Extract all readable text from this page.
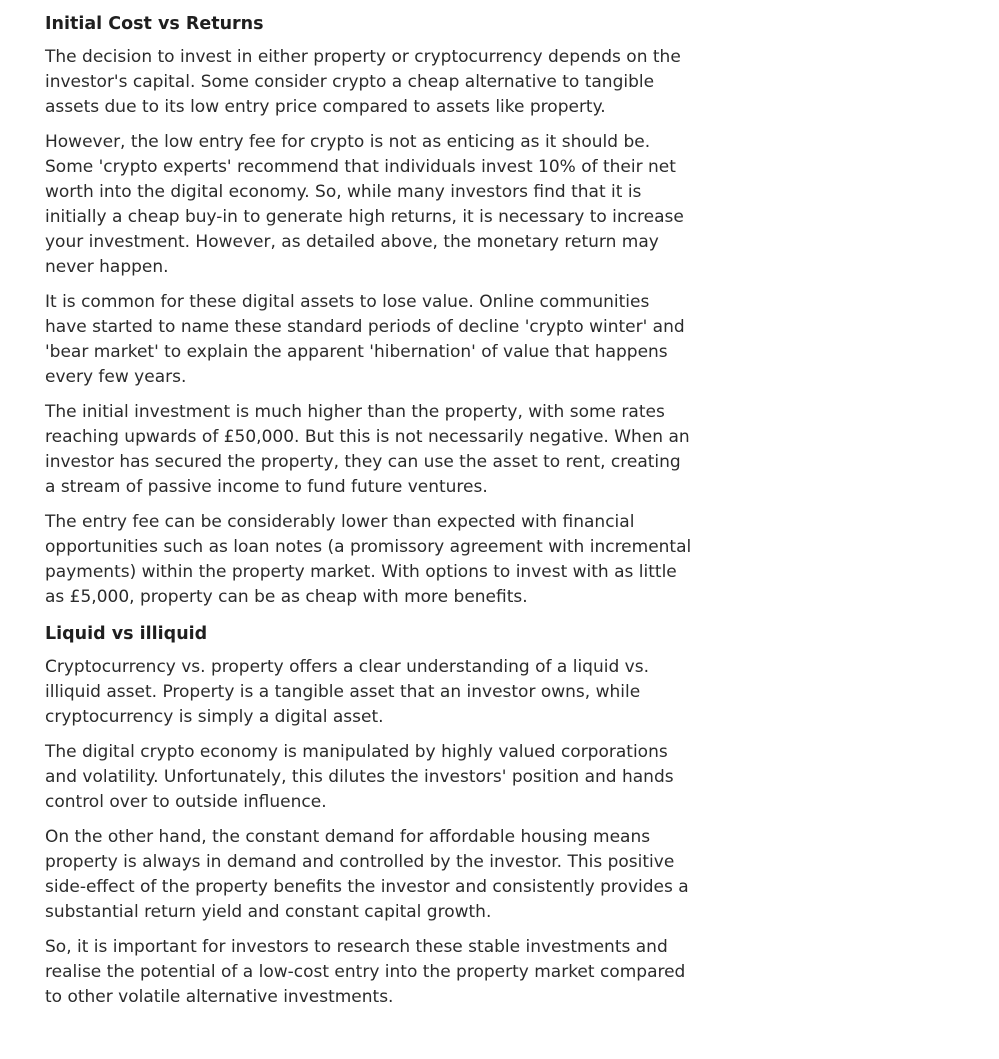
Initial Cost vs Returns

The decision to invest in either property or cryptocurrency depends on the investor's capital. Some consider crypto a cheap alternative to tangible assets due to its low entry price compared to assets like property.

However, the low entry fee for crypto is not as enticing as it should be. Some 'crypto experts' recommend that individuals invest 10% of their net worth into the digital economy. So, while many investors find that it is initially a cheap buy-in to generate high returns, it is necessary to increase your investment. However, as detailed above, the monetary return may never happen.

It is common for these digital assets to lose value. Online communities have started to name these standard periods of decline 'crypto winter' and 'bear market' to explain the apparent 'hibernation' of value that happens every few years.

The initial investment is much higher than the property, with some rates reaching upwards of £50,000. But this is not necessarily negative. When an investor has secured the property, they can use the asset to rent, creating a stream of passive income to fund future ventures.

The entry fee can be considerably lower than expected with financial opportunities such as loan notes (a promissory agreement with incremental payments) within the property market. With options to invest with as little as £5,000, property can be as cheap with more benefits.

Liquid vs illiquid

Cryptocurrency vs. property offers a clear understanding of a liquid vs. illiquid asset. Property is a tangible asset that an investor owns, while cryptocurrency is simply a digital asset.

The digital crypto economy is manipulated by highly valued corporations and volatility. Unfortunately, this dilutes the investors' position and hands control over to outside influence.

On the other hand, the constant demand for affordable housing means property is always in demand and controlled by the investor. This positive side-effect of the property benefits the investor and consistently provides a substantial return yield and constant capital growth.

So, it is important for investors to research these stable investments and realise the potential of a low-cost entry into the property market compared to other volatile alternative investments.
